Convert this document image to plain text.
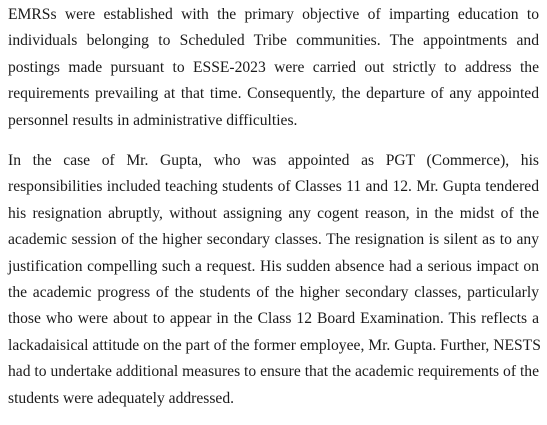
EMRSs were established with the primary objective of imparting education to
individuals belonging to Scheduled Tribe communities. The appointments and
postings made pursuant to ESSE-2023 were carried out strictly to address the
requirements prevailing at that time. Consequently, the departure of any appointed
personnel results in administrative difficulties.
In the case of Mr. Gupta, who was appointed as PGT (Commerce), his
responsibilities included teaching students of Classes 11 and 12. Mr. Gupta tendered
his resignation abruptly, without assigning any cogent reason, in the midst of the
academic session of the higher secondary classes. The resignation is silent as to any
justification compelling such a request. His sudden absence had a serious impact on
the academic progress of the students of the higher secondary classes, particularly
those who were about to appear in the Class 12 Board Examination. This reflects a
lackadaisical attitude on the part of the former employee, Mr. Gupta. Further, NESTS
had to undertake additional measures to ensure that the academic requirements of the
students were adequately addressed.
